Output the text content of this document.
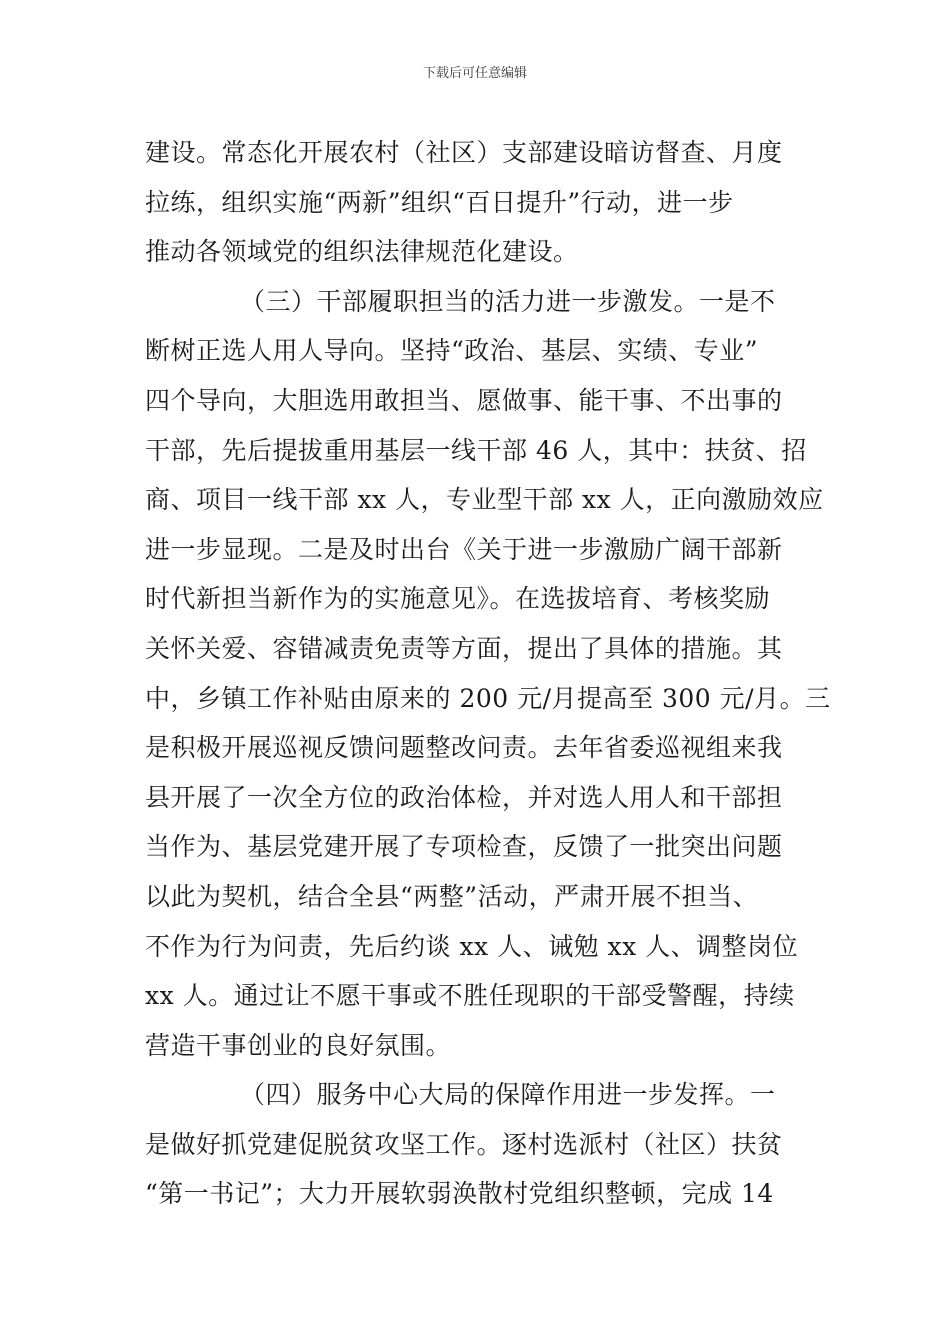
下载后可任意编辑
建设。常态化开展农村（社区）支部建设暗访督查、月度
拉练，组织实施“两新”组织“百日提升”行动，进一步
推动各领域党的组织法律规范化建设。
（三）干部履职担当的活力进一步激发。一是不
断树正选人用人导向。坚持“政治、基层、实绩、专业”
四个导向，大胆选用敢担当、愿做事、能干事、不出事的
干部，先后提拔重用基层一线干部 46 人，其中：扶贫、招
商、项目一线干部 xx 人，专业型干部 xx 人，正向激励效应
进一步显现。二是及时出台《关于进一步激励广阔干部新
时代新担当新作为的实施意见》。在选拔培育、考核奖励
关怀关爱、容错减责免责等方面，提出了具体的措施。其
中，乡镇工作补贴由原来的 200 元/月提高至 300 元/月。三
是积极开展巡视反馈问题整改问责。去年省委巡视组来我
县开展了一次全方位的政治体检，并对选人用人和干部担
当作为、基层党建开展了专项检查，反馈了一批突出问题
以此为契机，结合全县“两整”活动，严肃开展不担当、
不作为行为问责，先后约谈 xx 人、诫勉 xx 人、调整岗位
xx 人。通过让不愿干事或不胜任现职的干部受警醒，持续
营造干事创业的良好氛围。
（四）服务中心大局的保障作用进一步发挥。一
是做好抓党建促脱贫攻坚工作。逐村选派村（社区）扶贫
“第一书记”；大力开展软弱涣散村党组织整顿，完成 14
